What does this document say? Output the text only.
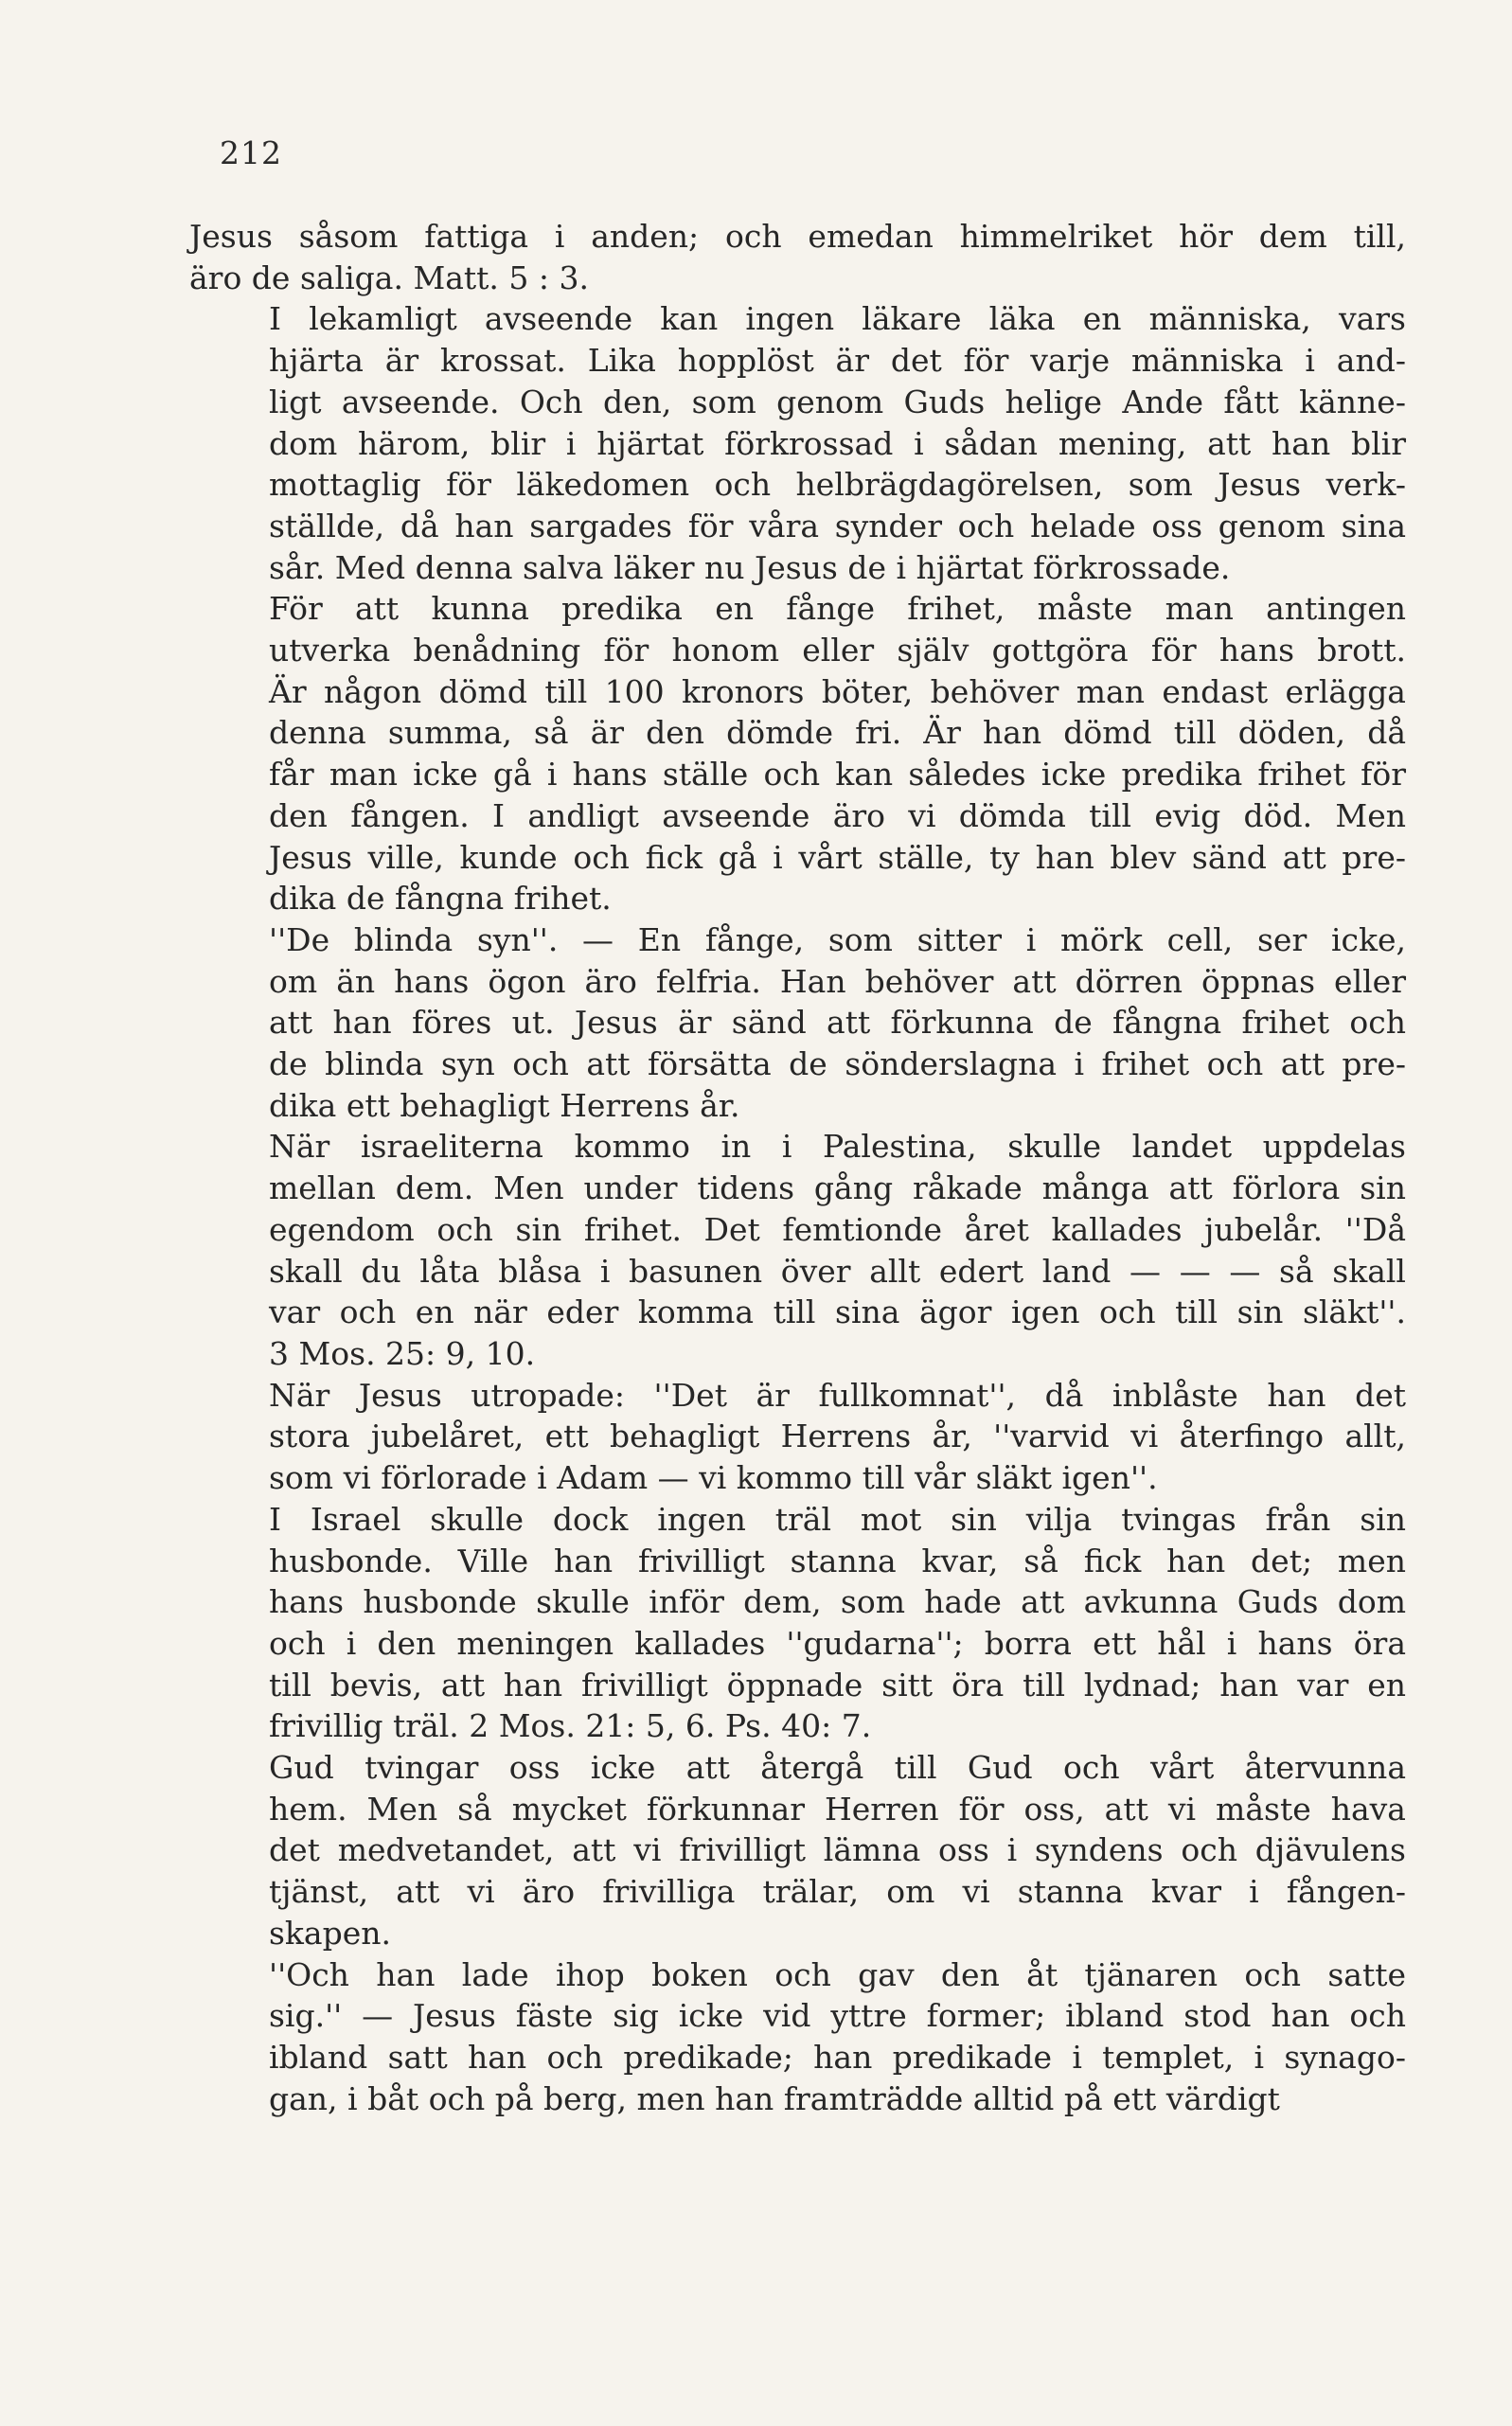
212
Jesus såsom fattiga i anden; och emedan himmelriket hör dem till,
äro de saliga. Matt. 5 : 3.
I lekamligt avseende kan ingen läkare läka en människa, vars
hjärta är krossat. Lika hopplöst är det för varje människa i and-
ligt avseende. Och den, som genom Guds helige Ande fått känne-
dom härom, blir i hjärtat förkrossad i sådan mening, att han blir
mottaglig för läkedomen och helbrägdagörelsen, som Jesus verk-
ställde, då han sargades för våra synder och helade oss genom sina
sår. Med denna salva läker nu Jesus de i hjärtat förkrossade.
För att kunna predika en fånge frihet, måste man antingen
utverka benådning för honom eller själv gottgöra för hans brott.
Är någon dömd till 100 kronors böter, behöver man endast erlägga
denna summa, så är den dömde fri. Är han dömd till döden, då
får man icke gå i hans ställe och kan således icke predika frihet för
den fången. I andligt avseende äro vi dömda till evig död. Men
Jesus ville, kunde och fick gå i vårt ställe, ty han blev sänd att pre-
dika de fångna frihet.
''De blinda syn''. — En fånge, som sitter i mörk cell, ser icke,
om än hans ögon äro felfria. Han behöver att dörren öppnas eller
att han föres ut. Jesus är sänd att förkunna de fångna frihet och
de blinda syn och att försätta de sönderslagna i frihet och att pre-
dika ett behagligt Herrens år.
När israeliterna kommo in i Palestina, skulle landet uppdelas
mellan dem. Men under tidens gång råkade många att förlora sin
egendom och sin frihet. Det femtionde året kallades jubelår. ''Då
skall du låta blåsa i basunen över allt edert land — — — så skall
var och en när eder komma till sina ägor igen och till sin släkt''.
3 Mos. 25: 9, 10.
När Jesus utropade: ''Det är fullkomnat'', då inblåste han det
stora jubelåret, ett behagligt Herrens år, ''varvid vi återfingo allt,
som vi förlorade i Adam — vi kommo till vår släkt igen''.
I Israel skulle dock ingen träl mot sin vilja tvingas från sin
husbonde. Ville han frivilligt stanna kvar, så fick han det; men
hans husbonde skulle inför dem, som hade att avkunna Guds dom
och i den meningen kallades ''gudarna''; borra ett hål i hans öra
till bevis, att han frivilligt öppnade sitt öra till lydnad; han var en
frivillig träl. 2 Mos. 21: 5, 6. Ps. 40: 7.
Gud tvingar oss icke att återgå till Gud och vårt återvunna
hem. Men så mycket förkunnar Herren för oss, att vi måste hava
det medvetandet, att vi frivilligt lämna oss i syndens och djävulens
tjänst, att vi äro frivilliga trälar, om vi stanna kvar i fången-
skapen.
''Och han lade ihop boken och gav den åt tjänaren och satte
sig.'' — Jesus fäste sig icke vid yttre former; ibland stod han och
ibland satt han och predikade; han predikade i templet, i synago-
gan, i båt och på berg, men han framträdde alltid på ett värdigt
